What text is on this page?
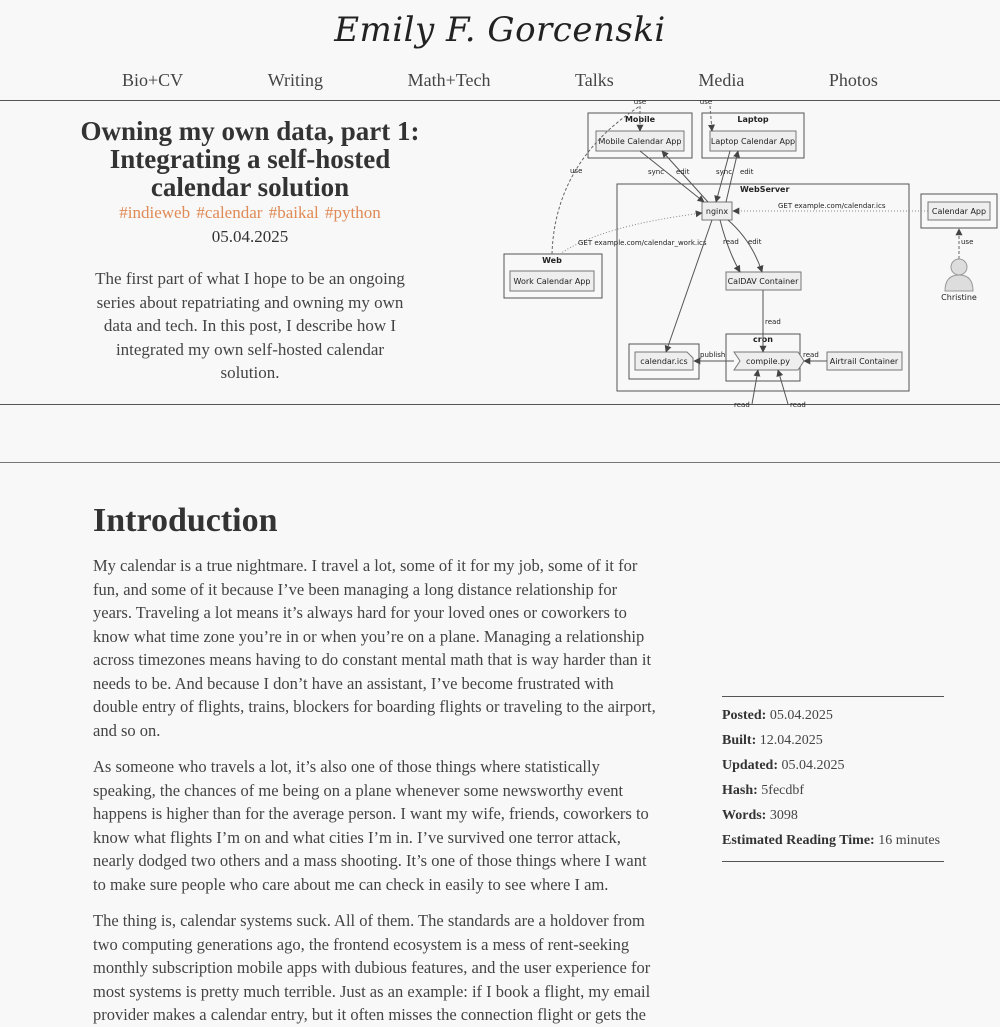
Emily F. Gorcenski
Bio+CV	Writing	Math+Tech	Talks	Media	Photos
Owning my own data, part 1: Integrating a self-hosted calendar solution
#indieweb #calendar #baikal #python
05.04.2025
The first part of what I hope to be an ongoing series about repatriating and owning my own data and tech. In this post, I describe how I integrated my own self-hosted calendar solution.
Mobile
Mobile Calendar App
use
Laptop
Laptop Calendar App
use
Web
Work Calendar App
use
WebServer
nginx
sync edit	sync edit
Calendar App
GET example.com/calendar.ics
use
Christine
GET example.com/calendar_work.ics
CalDAV Container
read edit
cron
compile.py
read
calendar.ics
publish
Airtrail Container
read
read	read
Introduction

My calendar is a true nightmare. I travel a lot, some of it for my job, some of it for fun, and some of it because I’ve been managing a long distance relationship for years. Traveling a lot means it’s always hard for your loved ones or coworkers to know what time zone you’re in or when you’re on a plane. Managing a relationship across timezones means having to do constant mental math that is way harder than it needs to be. And because I don’t have an assistant, I’ve become frustrated with double entry of flights, trains, blockers for boarding flights or traveling to the airport, and so on.

As someone who travels a lot, it’s also one of those things where statistically speaking, the chances of me being on a plane whenever some newsworthy event happens is higher than for the average person. I want my wife, friends, coworkers to know what flights I’m on and what cities I’m in. I’ve survived one terror attack, nearly dodged two others and a mass shooting. It’s one of those things where I want to make sure people who care about me can check in easily to see where I am.

The thing is, calendar systems suck. All of them. The standards are a holdover from two computing generations ago, the frontend ecosystem is a mess of rent-seeking monthly subscription mobile apps with dubious features, and the user experience for most systems is pretty much terrible. Just as an example: if I book a flight, my email provider makes a calendar entry, but it often misses the connection flight or gets the

Posted: 05.04.2025
Built: 12.04.2025
Updated: 05.04.2025
Hash: 5fecdbf
Words: 3098
Estimated Reading Time: 16 minutes
